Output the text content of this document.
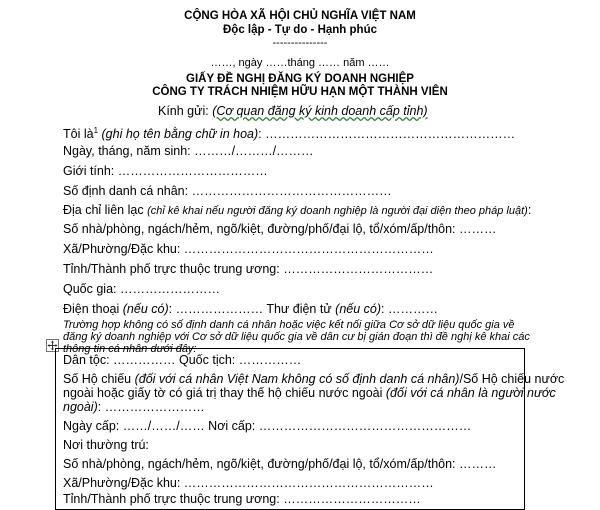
CỘNG HÒA XÃ HỘI CHỦ NGHĨA VIỆT NAM
Độc lập - Tự do - Hạnh phúc
---------------
……, ngày ……tháng …… năm ……
GIẤY ĐỀ NGHỊ ĐĂNG KÝ DOANH NGHIỆP
CÔNG TY TRÁCH NHIỆM HỮU HẠN MỘT THÀNH VIÊN
Kính gửi: (Cơ quan đăng ký kinh doanh cấp tỉnh)
Tôi $là^1$ (ghi họ tên bằng chữ in hoa): ……………………………………………………
Ngày, tháng, năm sinh: ………/………/………
Giới tính: ………………………………
Số định danh cá nhân: …………………………………………
Địa chỉ liên lạc (chỉ kê khai nếu người đăng ký doanh nghiệp là người đại diện theo pháp luật):
Số nhà/phòng, ngách/hẻm, ngõ/kiệt, đường/phố/đại lộ, tổ/xóm/ấp/thôn: ………
Xã/Phường/Đặc khu: ……………………………………………………
Tỉnh/Thành phố trực thuộc trung ương: ………………………………
Quốc gia: ……………………
Điện thoại (nếu có): ………………… Thư điện tử (nếu có): …………
Trường hợp không có số định danh cá nhân hoặc việc kết nối giữa Cơ sở dữ liệu quốc gia về
đăng ký doanh nghiệp với Cơ sở dữ liệu quốc gia về dân cư bị gián đoạn thì đề nghị kê khai các
thông tin cá nhân dưới đây:
Dân tộc: …………… Quốc tịch: ……………
Số Hộ chiếu (đối với cá nhân Việt Nam không có số định danh cá nhân)/Số Hộ chiếu nước
ngoài hoặc giấy tờ có giá trị thay thế hộ chiếu nước ngoài (đối với cá nhân là người nước
ngoài): ……………………
Ngày cấp: ……/……/…… Nơi cấp: ……………………………………………
Nơi thường trú:
Số nhà/phòng, ngách/hẻm, ngõ/kiệt, đường/phố/đại lộ, tổ/xóm/ấp/thôn: ………
Xã/Phường/Đặc khu: ……………………………………………………
Tỉnh/Thành phố trực thuộc trung ương: ……………………………
